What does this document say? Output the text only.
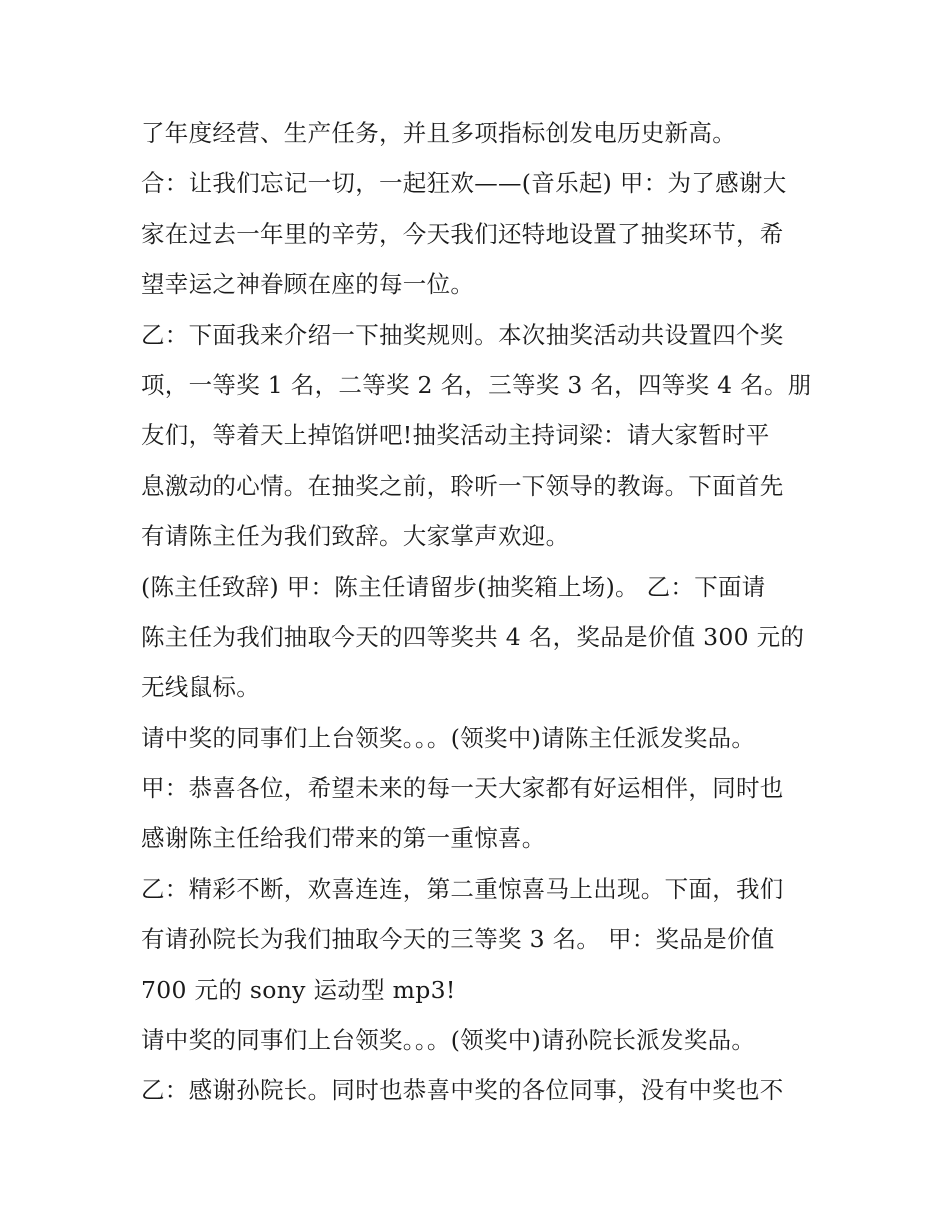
了年度经营、生产任务，并且多项指标创发电历史新高。
合：让我们忘记一切，一起狂欢——(音乐起) 甲：为了感谢大
家在过去一年里的辛劳，今天我们还特地设置了抽奖环节，希
望幸运之神眷顾在座的每一位。
乙：下面我来介绍一下抽奖规则。本次抽奖活动共设置四个奖
项，一等奖 1 名，二等奖 2 名，三等奖 3 名，四等奖 4 名。朋
友们，等着天上掉馅饼吧!抽奖活动主持词梁：请大家暂时平
息激动的心情。在抽奖之前，聆听一下领导的教诲。下面首先
有请陈主任为我们致辞。大家掌声欢迎。
(陈主任致辞) 甲：陈主任请留步(抽奖箱上场)。 乙：下面请
陈主任为我们抽取今天的四等奖共 4 名，奖品是价值 300 元的
无线鼠标。
请中奖的同事们上台领奖。。。(领奖中)请陈主任派发奖品。
甲：恭喜各位，希望未来的每一天大家都有好运相伴，同时也
感谢陈主任给我们带来的第一重惊喜。
乙：精彩不断，欢喜连连，第二重惊喜马上出现。下面，我们
有请孙院长为我们抽取今天的三等奖 3 名。 甲：奖品是价值
700 元的 sony 运动型 mp3!
请中奖的同事们上台领奖。。。(领奖中)请孙院长派发奖品。
乙：感谢孙院长。同时也恭喜中奖的各位同事，没有中奖也不
